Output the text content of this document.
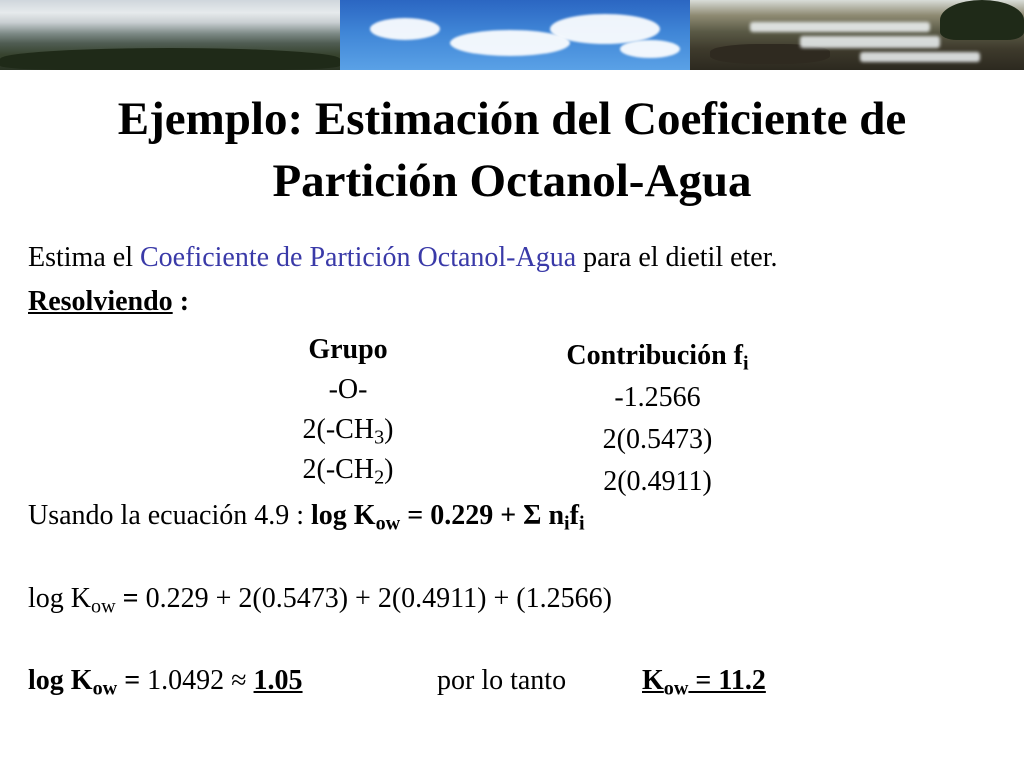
Ejemplo: Estimación del Coeficiente de
Partición Octanol-Agua
Estima el Coeficiente de Partición Octanol-Agua para el dietil eter.
Resolviendo :
Grupo
-O-
$2(-CH_3)$
$2(-CH_2)$
Contribución $f_i$
-1.2566
2(0.5473)
2(0.4911)
Usando la ecuación 4.9 : $\log K_{ow} = 0.229 + \Sigma$ $n_if_i$
$\log K_{ow} = 0.229 + 2(0.5473) + 2(0.4911) + (1.2566)$
$\log K_{ow} = 1.0492 \approx 1.05$	por lo tanto	$K_{ow} = 11.2$
